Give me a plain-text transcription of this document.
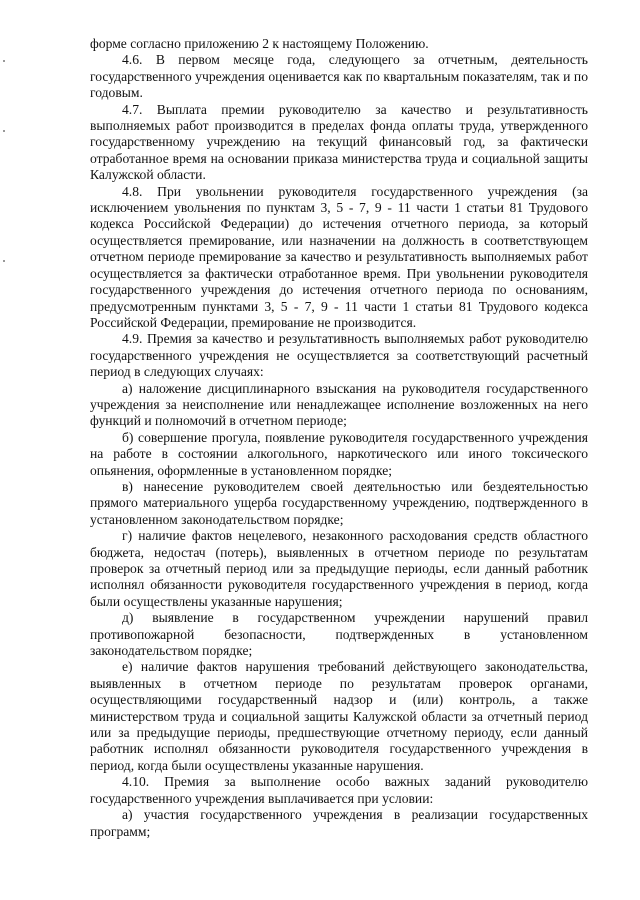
форме согласно приложению 2 к настоящему Положению.

4.6. В первом месяце года, следующего за отчетным, деятельность государственного учреждения оценивается как по квартальным показателям, так и по годовым.

4.7. Выплата премии руководителю за качество и результативность выполняемых работ производится в пределах фонда оплаты труда, утвержденного государственному учреждению на текущий финансовый год, за фактически отработанное время на основании приказа министерства труда и социальной защиты Калужской области.

4.8. При увольнении руководителя государственного учреждения (за исключением увольнения по пунктам 3, 5 - 7, 9 - 11 части 1 статьи 81 Трудового кодекса Российской Федерации) до истечения отчетного периода, за который осуществляется премирование, или назначении на должность в соответствующем отчетном периоде премирование за качество и результативность выполняемых работ осуществляется за фактически отработанное время. При увольнении руководителя государственного учреждения до истечения отчетного периода по основаниям, предусмотренным пунктами 3, 5 - 7, 9 - 11 части 1 статьи 81 Трудового кодекса Российской Федерации, премирование не производится.

4.9. Премия за качество и результативность выполняемых работ руководителю государственного учреждения не осуществляется за соответствующий расчетный период в следующих случаях:

а) наложение дисциплинарного взыскания на руководителя государственного учреждения за неисполнение или ненадлежащее исполнение возложенных на него функций и полномочий в отчетном периоде;

б) совершение прогула, появление руководителя государственного учреждения на работе в состоянии алкогольного, наркотического или иного токсического опьянения, оформленные в установленном порядке;

в) нанесение руководителем своей деятельностью или бездеятельностью прямого материального ущерба государственному учреждению, подтвержденного в установленном законодательством порядке;

г) наличие фактов нецелевого, незаконного расходования средств областного бюджета, недостач (потерь), выявленных в отчетном периоде по результатам проверок за отчетный период или за предыдущие периоды, если данный работник исполнял обязанности руководителя государственного учреждения в период, когда были осуществлены указанные нарушения;

д) выявление в государственном учреждении нарушений правил противопожарной безопасности, подтвержденных в установленном законодательством порядке;

е) наличие фактов нарушения требований действующего законодательства, выявленных в отчетном периоде по результатам проверок органами, осуществляющими государственный надзор и (или) контроль, а также министерством труда и социальной защиты Калужской области за отчетный период или за предыдущие периоды, предшествующие отчетному периоду, если данный работник исполнял обязанности руководителя государственного учреждения в период, когда были осуществлены указанные нарушения.

4.10. Премия за выполнение особо важных заданий руководителю государственного учреждения выплачивается при условии:

а) участия государственного учреждения в реализации государственных программ;
